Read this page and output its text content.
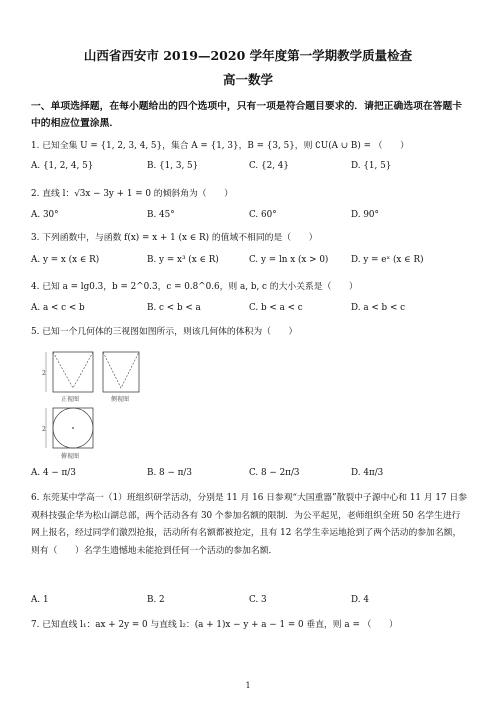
山西省西安市 2019—2020 学年度第一学期教学质量检查
高一数学
一、单项选择题，在每小题给出的四个选项中，只有一项是符合题目要求的．请把正确选项在答题卡中的相应位置涂黑．
1. 已知全集 U = {1, 2, 3, 4, 5}，集合 A = {1, 3}，B = {3, 5}，则 ∁U(A ∪ B) = （　　）
A. {1, 2, 4, 5}	B. {1, 3, 5}	C. {2, 4}	D. {1, 5}
2. 直线 l：√3x − 3y + 1 = 0 的倾斜角为（　　）
A. 30°	B. 45°	C. 60°	D. 90°
3. 下列函数中，与函数 f(x) = x + 1 (x ∈ R) 的值域不相同的是（　　）
A. y = x (x ∈ R)	B. y = x³ (x ∈ R)	C. y = ln x (x > 0)	D. y = eˣ (x ∈ R)
4. 已知 a = lg0.3，b = 2^0.3，c = 0.8^0.6，则 a, b, c 的大小关系是（　　）
A. a < c < b	B. c < b < a	C. b < a < c	D. a < b < c
5. 已知一个几何体的三视图如图所示，则该几何体的体积为（　　）
2
2
正视图	侧视图
俯视图
A. 4 − π/3	B. 8 − π/3	C. 8 − 2π/3	D. 4π/3
6. 东莞某中学高一（1）班组织研学活动，分别是 11 月 16 日参观“大国重器”散裂中子源中心和 11 月 17 日参观科技强企华为松山湖总部，两个活动各有 30 个参加名额的限制．为公平起见，老师组织全班 50 名学生进行网上报名，经过同学们激烈抢报，活动所有名额都被抢定，且有 12 名学生幸运地抢到了两个活动的参加名额，则有（　　）名学生遗憾地未能抢到任何一个活动的参加名额．
A. 1	B. 2	C. 3	D. 4
7. 已知直线 l₁：ax + 2y = 0 与直线 l₂：(a + 1)x − y + a − 1 = 0 垂直，则 a = （　　）
1
